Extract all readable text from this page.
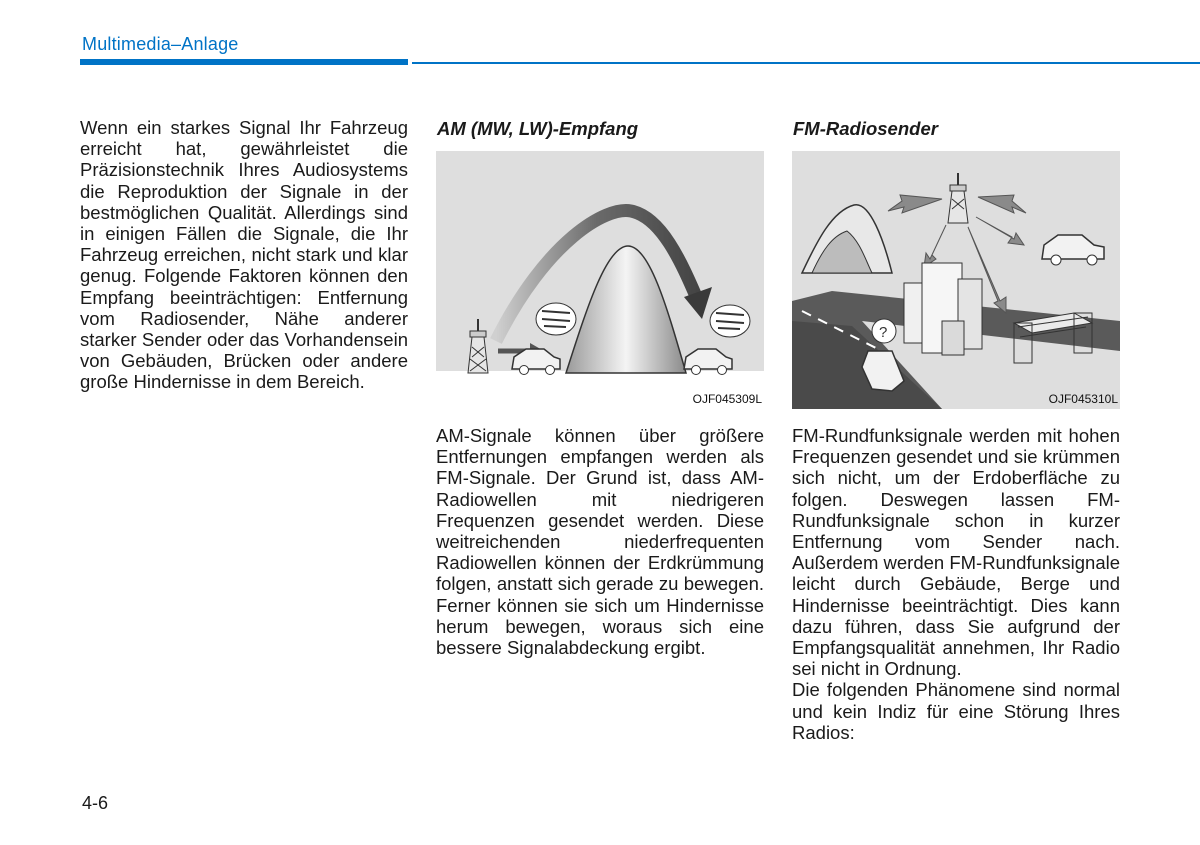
Multimedia–Anlage

Wenn ein starkes Signal Ihr Fahrzeug erreicht hat, gewährleistet die Präzisionstechnik Ihres Audiosystems die Reproduktion der Signale in der bestmöglichen Qualität. Allerdings sind in einigen Fällen die Signale, die Ihr Fahrzeug erreichen, nicht stark und klar genug. Folgende Faktoren können den Empfang beeinträchtigen: Entfernung vom Radiosender, Nähe anderer starker Sender oder das Vorhandensein von Gebäuden, Brücken oder andere große Hindernisse in dem Bereich.

AM (MW, LW)-Empfang	FM-Radiosender
OJF045309L
?
OJF045310L

AM-Signale können über größere Entfernungen empfangen werden als FM-Signale. Der Grund ist, dass AM-Radiowellen mit niedrigeren Frequenzen gesendet werden. Diese weitreichenden niederfrequenten Radiowellen können der Erdkrümmung folgen, anstatt sich gerade zu bewegen. Ferner können sie sich um Hindernisse herum bewegen, woraus sich eine bessere Signalabdeckung ergibt.

FM-Rundfunksignale werden mit hohen Frequenzen gesendet und sie krümmen sich nicht, um der Erdoberfläche zu folgen. Deswegen lassen FM-Rundfunksignale schon in kurzer Entfernung vom Sender nach. Außerdem werden FM-Rundfunksignale leicht durch Gebäude, Berge und Hindernisse beeinträchtigt. Dies kann dazu führen, dass Sie aufgrund der Empfangsqualität annehmen, Ihr Radio sei nicht in Ordnung.

Die folgenden Phänomene sind normal und kein Indiz für eine Störung Ihres Radios:

4-6
